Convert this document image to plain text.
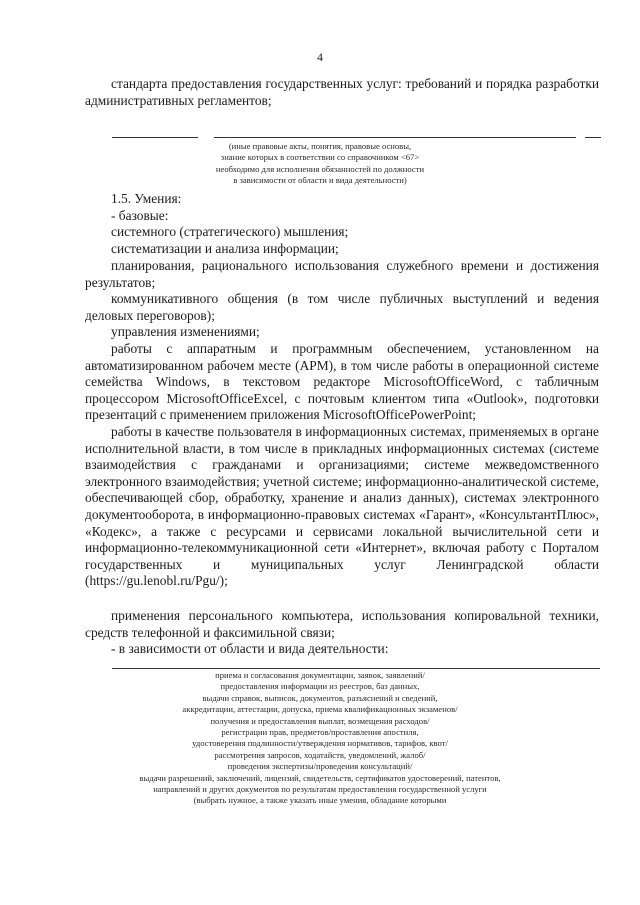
4
стандарта предоставления государственных услуг: требований и порядка разработки административных регламентов;
(иные правовые акты, понятия, правовые основы,
знание которых в соответствии со справочником <67>
необходимо для исполнения обязанностей по должности
в зависимости от области и вида деятельности)
1.5. Умения:
- базовые:
системного (стратегического) мышления;
систематизации и анализа информации;
планирования, рационального использования служебного времени и достижения результатов;
коммуникативного общения (в том числе публичных выступлений и ведения деловых переговоров);
управления изменениями;
работы с аппаратным и программным обеспечением, установленном на автоматизированном рабочем месте (АРМ), в том числе работы в операционной системе семейства Windows, в текстовом редакторе MicrosoftOfficeWord, с табличным процессором MicrosoftOfficeExcel, с почтовым клиентом типа «Outlook», подготовки презентаций с применением приложения MicrosoftOfficePowerPoint;
работы в качестве пользователя в информационных системах, применяемых в органе исполнительной власти, в том числе в прикладных информационных системах (системе взаимодействия с гражданами и организациями; системе межведомственного электронного взаимодействия; учетной системе; информационно-аналитической системе, обеспечивающей сбор, обработку, хранение и анализ данных), системах электронного документооборота, в информационно-правовых системах «Гарант», «КонсультантПлюс», «Кодекс», а также с ресурсами и сервисами локальной вычислительной сети и информационно-телекоммуникационной сети «Интернет», включая работу с Порталом государственных и муниципальных услуг Ленинградской области (https://gu.lenobl.ru/Pgu/);
применения персонального компьютера, использования копировальной техники, средств телефонной и факсимильной связи;
- в зависимости от области и вида деятельности:
приема и согласования документации, заявок, заявлений/
предоставления информации из реестров, баз данных,
выдачи справок, выписок, документов, разъяснений и сведений,
аккредитации, аттестации, допуска, приема квалификационных экзаменов/
получения и предоставления выплат, возмещения расходов/
регистрации прав, предметов/проставления апостиля,
удостоверения подлинности/утверждения нормативов, тарифов, квот/
рассмотрения запросов, ходатайств, уведомлений, жалоб/
проведения экспертизы/проведения консультаций/
выдачи разрешений, заключений, лицензий, свидетельств, сертификатов удостоверений, патентов,
направлений и других документов по результатам предоставления государственной услуги
(выбрать нужное, а также указать иные умения, обладание которыми
